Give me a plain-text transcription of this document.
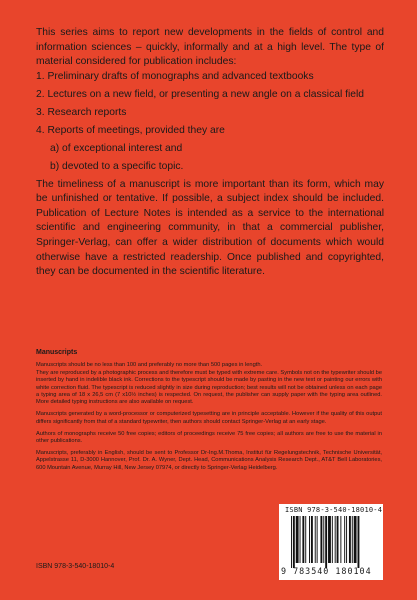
This series aims to report new developments in the fields of control and information sciences – quickly, informally and at a high level. The type of material considered for publication includes:

1. Preliminary drafts of monographs and advanced textbooks
2. Lectures on a new field, or presenting a new angle on a classical field
3. Research reports
4. Reports of meetings, provided they are
a) of exceptional interest and
b) devoted to a specific topic.

The timeliness of a manuscript is more important than its form, which may be unfinished or tentative. If possible, a subject index should be included. Publication of Lecture Notes is intended as a service to the international scientific and engineering community, in that a commercial publisher, Springer-Verlag, can offer a wider distribution of documents which would otherwise have a restricted readership. Once published and copyrighted, they can be documented in the scientific literature.

Manuscripts

Manuscripts should be no less than 100 and preferably no more than 500 pages in length.

They are reproduced by a photographic process and therefore must be typed with extreme care. Symbols not on the typewriter should be inserted by hand in indelible black ink. Corrections to the typescript should be made by pasting in the new text or painting our errors with white correction fluid. The typescript is reduced slightly in size during reproduction; best results will not be obtained unless on each page a typing area of 18 x 26,5 cm (7 x10½ inches) is respected. On request, the publisher can supply paper with the typing area outlined. More detailed typing instructions are also available on request.

Manuscripts generated by a word-processor or computerized typesetting are in principle acceptable. However if the quality of this output differs significantly from that of a standard typewriter, then authors should contact Springer-Verlag at an early stage.

Authors of monographs receive 50 free copies; editors of proceedings receive 75 free copies; all authors are free to use the material in other publications.

Manuscripts, preferably in English, should be sent to Professor Dr-Ing.M.Thoma, Institut für Regelungstechnik, Technische Universität, Appelstrasse 11, D-3000 Hannover, Prof. Dr. A. Wyner, Dept. Head, Communications Analysis Research Dept., AT&T Bell Laboratories, 600 Mountain Avenue, Murray Hill, New Jersey 07974, or directly to Springer-Verlag Heidelberg.

ISBN 978-3-540-18010-4
ISBN 978-3-540-18010-4
9 783540 180104
